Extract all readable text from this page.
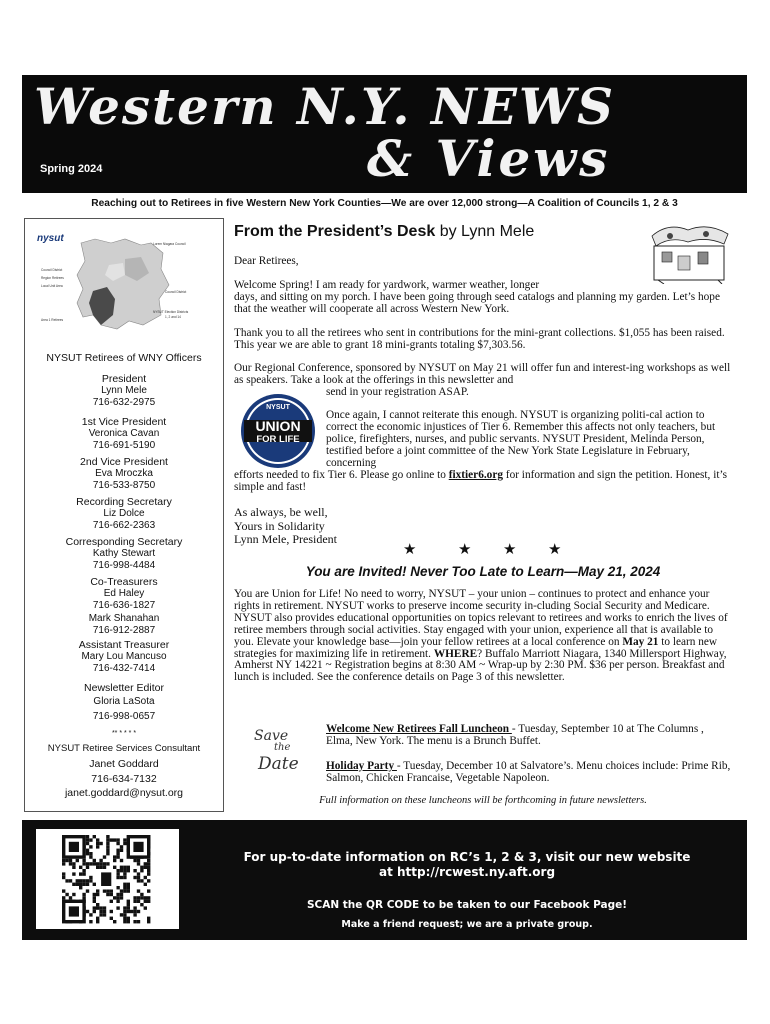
Western N.Y. NEWS
& Views
Spring 2024
Reaching out to Retirees in five Western New York Counties—We are over 12,000 strong—A Coalition of Councils 1, 2 & 3
nysut	Lorem Niagara Council
Council District
Region Retirees
Local Unit Area
Council District
NYSUT Election Districts
1, 2 and 14
Area 1 Retirees
NYSUT Retirees of WNY Officers
President
Lynn Mele
716-632-2975
1st Vice President
Veronica Cavan
716-691-5190
2nd Vice President
Eva Mroczka
716-533-8750
Recording Secretary
Liz Dolce
716-662-2363
Corresponding Secretary
Kathy Stewart
716-998-4484
Co-Treasurers
Ed Haley
716-636-1827
Mark Shanahan
716-912-2887
Assistant Treasurer
Mary Lou Mancuso
716-432-7414
Newsletter Editor
Gloria LaSota
716-998-0657
** * * * *
NYSUT Retiree Services Consultant
Janet Goddard
716-634-7132
janet.goddard@nysut.org
From the President’s Desk by Lynn Mele
Dear Retirees,
Welcome Spring! I am ready for yardwork, warmer weather, longer
days, and sitting on my porch. I have been going through seed catalogs and planning my garden. Let’s hope that the weather will cooperate all across Western New York.
Thank you to all the retirees who sent in contributions for the mini-grant collections. $1,055 has been raised. This year we are able to grant 18 mini-grants totaling $7,303.56.
Our Regional Conference, sponsored by NYSUT on May 21 will offer fun and interest-ing workshops as well as speakers. Take a look at the offerings in this newsletter and
send in your registration ASAP.
NYSUT
UNION
FOR LIFE
Once again, I cannot reiterate this enough. NYSUT is organizing politi-cal action to correct the economic injustices of Tier 6. Remember this affects not only teachers, but police, firefighters, nurses, and public servants. NYSUT President, Melinda Person, testified before a joint committee of the New York State Legislature in February, concerning
efforts needed to fix Tier 6. Please go online to fixtier6.org for information and sign the petition. Honest, it’s simple and fast!
As always, be well,
Yours in Solidarity
Lynn Mele, President
★	★ ★ ★
You are Invited! Never Too Late to Learn—May 21, 2024
You are Union for Life! No need to worry, NYSUT – your union – continues to protect and enhance your rights in retirement. NYSUT works to preserve income security in-cluding Social Security and Medicare. NYSUT also provides educational opportunities on topics relevant to retirees and works to enrich the lives of retiree members through social activities. Stay engaged with your union, experience all that is available to you. Elevate your knowledge base—join your fellow retirees at a local conference on May 21 to learn new strategies for maximizing life in retirement. WHERE? Buffalo Marriott Niagara, 1340 Millersport Highway, Amherst NY 14221 ~ Registration begins at 8:30 AM ~ Wrap-up by 2:30 PM. $36 per person. Breakfast and lunch is included. See the conference details on Page 3 of this newsletter.
Save
the
Date
Welcome New Retirees Fall Luncheon - Tuesday, September 10 at The Columns , Elma, New York. The menu is a Brunch Buffet.
Holiday Party - Tuesday, December 10 at Salvatore’s. Menu choices include: Prime Rib, Salmon, Chicken Francaise, Vegetable Napoleon.
Full information on these luncheons will be forthcoming in future newsletters.
For up-to-date information on RC’s 1, 2 & 3, visit our new website
at http://rcwest.ny.aft.org
SCAN the QR CODE to be taken to our Facebook Page!
Make a friend request; we are a private group.
